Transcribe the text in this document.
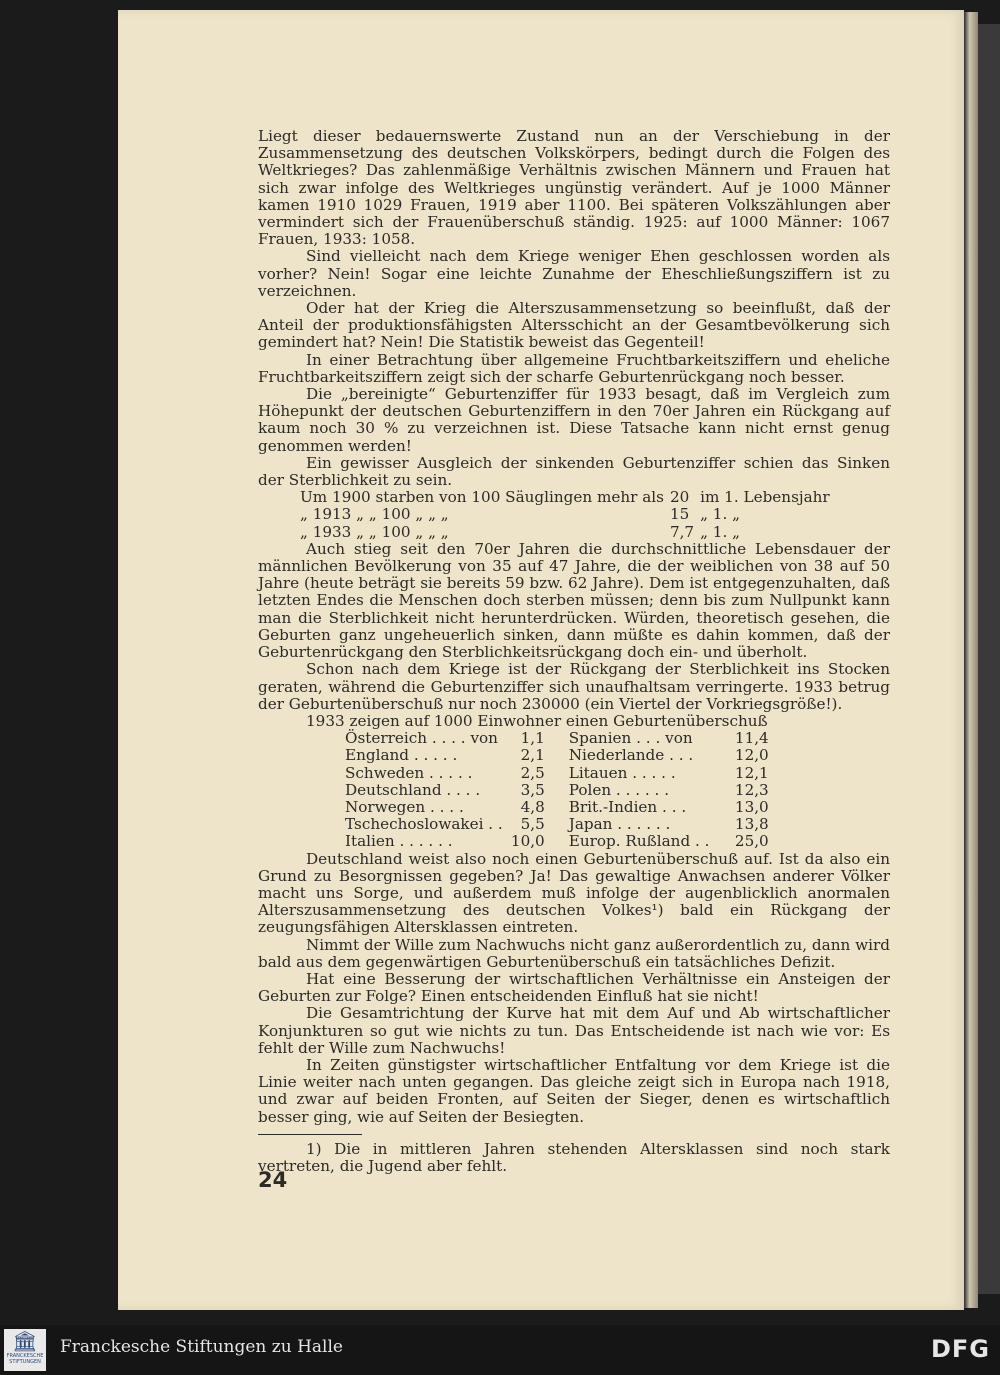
Liegt dieser bedauernswerte Zustand nun an der Verschiebung in der Zusammensetzung des deutschen Volkskörpers, bedingt durch die Folgen des Weltkrieges? Das zahlenmäßige Verhältnis zwischen Männern und Frauen hat sich zwar infolge des Weltkrieges ungünstig verändert. Auf je 1000 Männer kamen 1910 1029 Frauen, 1919 aber 1100. Bei späteren Volkszählungen aber vermindert sich der Frauenüberschuß ständig. 1925: auf 1000 Männer: 1067 Frauen, 1933: 1058.

Sind vielleicht nach dem Kriege weniger Ehen geschlossen worden als vorher? Nein! Sogar eine leichte Zunahme der Eheschließungsziffern ist zu verzeichnen.

Oder hat der Krieg die Alterszusammensetzung so beeinflußt, daß der Anteil der produktionsfähigsten Altersschicht an der Gesamtbevölkerung sich gemindert hat? Nein! Die Statistik beweist das Gegenteil!

In einer Betrachtung über allgemeine Fruchtbarkeitsziffern und eheliche Fruchtbarkeitsziffern zeigt sich der scharfe Geburtenrückgang noch besser.

Die „bereinigte“ Geburtenziffer für 1933 besagt, daß im Vergleich zum Höhepunkt der deutschen Geburtenziffern in den 70er Jahren ein Rückgang auf kaum noch 30 % zu verzeichnen ist. Diese Tatsache kann nicht ernst genug genommen werden!

Ein gewisser Ausgleich der sinkenden Geburtenziffer schien das Sinken der Sterblichkeit zu sein.

Um 1900 starben von 100 Säuglingen mehr als	20	im 1. Lebensjahr
„ 1913 „ „ 100 „ „ „	15	„ 1. „
„ 1933 „ „ 100 „ „ „	7,7	„ 1. „

Auch stieg seit den 70er Jahren die durchschnittliche Lebensdauer der männlichen Bevölkerung von 35 auf 47 Jahre, die der weiblichen von 38 auf 50 Jahre (heute beträgt sie bereits 59 bzw. 62 Jahre). Dem ist entgegenzuhalten, daß letzten Endes die Menschen doch sterben müssen; denn bis zum Nullpunkt kann man die Sterblichkeit nicht herunterdrücken. Würden, theoretisch gesehen, die Geburten ganz ungeheuerlich sinken, dann müßte es dahin kommen, daß der Geburtenrückgang den Sterblichkeitsrückgang doch ein- und überholt.

Schon nach dem Kriege ist der Rückgang der Sterblichkeit ins Stocken geraten, während die Geburtenziffer sich unaufhaltsam verringerte. 1933 betrug der Geburtenüberschuß nur noch 230000 (ein Viertel der Vorkriegsgröße!).

1933 zeigen auf 1000 Einwohner einen Geburtenüberschuß

Österreich . . . . von	1,1		Spanien . . . von	11,4
England . . . . .	2,1		Niederlande . . .	12,0
Schweden . . . . .	2,5		Litauen . . . . .	12,1
Deutschland . . . .	3,5		Polen . . . . . .	12,3
Norwegen . . . .	4,8		Brit.-Indien . . .	13,0
Tschechoslowakei . .	5,5		Japan . . . . . .	13,8
Italien . . . . . .	10,0		Europ. Rußland . .	25,0

Deutschland weist also noch einen Geburtenüberschuß auf. Ist da also ein Grund zu Besorgnissen gegeben? Ja! Das gewaltige Anwachsen anderer Völker macht uns Sorge, und außerdem muß infolge der augenblicklich anormalen Alterszusammensetzung des deutschen Volkes¹) bald ein Rückgang der zeugungsfähigen Altersklassen eintreten.

Nimmt der Wille zum Nachwuchs nicht ganz außerordentlich zu, dann wird bald aus dem gegenwärtigen Geburtenüberschuß ein tatsächliches Defizit.

Hat eine Besserung der wirtschaftlichen Verhältnisse ein Ansteigen der Geburten zur Folge? Einen entscheidenden Einfluß hat sie nicht!

Die Gesamtrichtung der Kurve hat mit dem Auf und Ab wirtschaftlicher Konjunkturen so gut wie nichts zu tun. Das Entscheidende ist nach wie vor: Es fehlt der Wille zum Nachwuchs!

In Zeiten günstigster wirtschaftlicher Entfaltung vor dem Kriege ist die Linie weiter nach unten gegangen. Das gleiche zeigt sich in Europa nach 1918, und zwar auf beiden Fronten, auf Seiten der Sieger, denen es wirtschaftlich besser ging, wie auf Seiten der Besiegten.

1) Die in mittleren Jahren stehenden Altersklassen sind noch stark vertreten, die Jugend aber fehlt.

24
🏛
FRANCKESCHE STIFTUNGEN
Franckesche Stiftungen zu Halle	DFG
